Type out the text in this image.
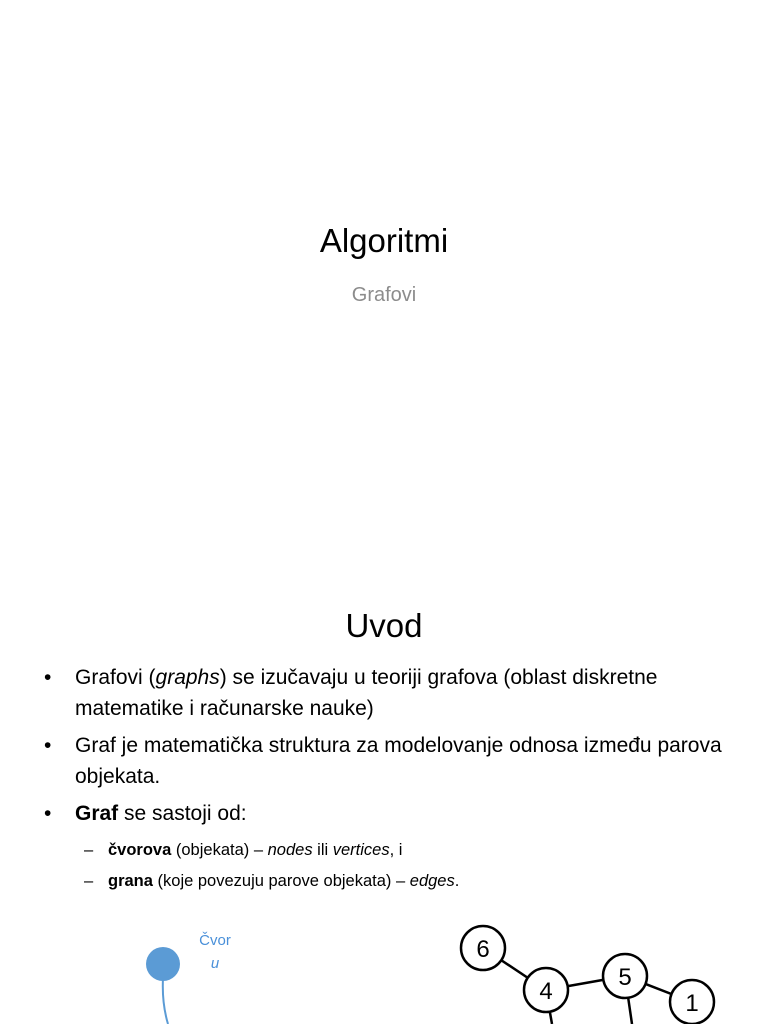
Algoritmi
Grafovi
Uvod
• Grafovi (graphs) se izučavaju u teoriji grafova (oblast diskretne matematike i računarske nauke)
• Graf je matematička struktura za modelovanje odnosa između parova objekata.
• Graf se sastoji od:
– čvorova (objekata) – nodes ili vertices, i
– grana (koje povezuju parove objekata) – edges.
Čvor
u
6
4
5
1
